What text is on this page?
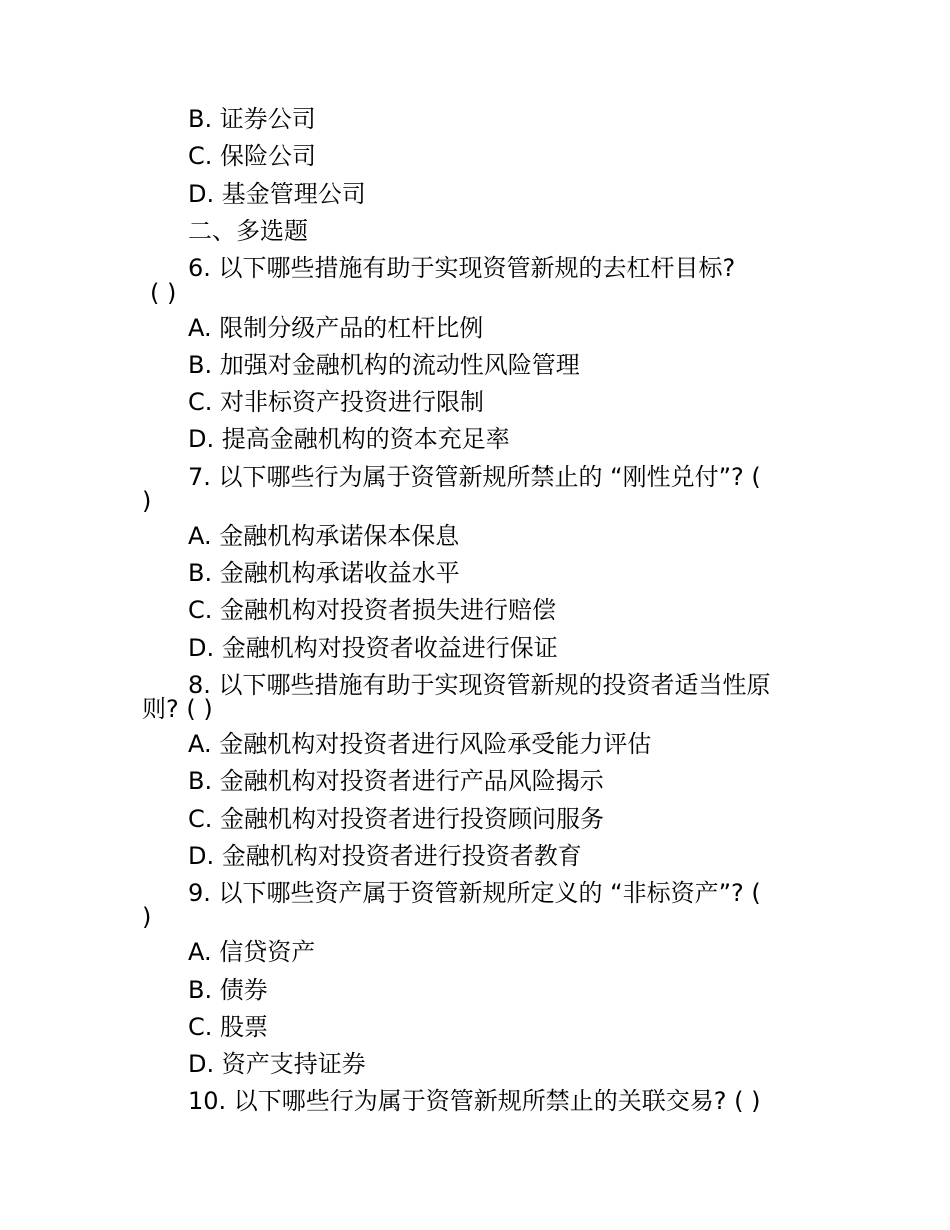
B. 证券公司
C. 保险公司
D. 基金管理公司
二、多选题
6. 以下哪些措施有助于实现资管新规的去杠杆目标?
( )
A. 限制分级产品的杠杆比例
B. 加强对金融机构的流动性风险管理
C. 对非标资产投资进行限制
D. 提高金融机构的资本充足率
7. 以下哪些行为属于资管新规所禁止的 “刚性兑付”? (
)
A. 金融机构承诺保本保息
B. 金融机构承诺收益水平
C. 金融机构对投资者损失进行赔偿
D. 金融机构对投资者收益进行保证
8. 以下哪些措施有助于实现资管新规的投资者适当性原
则? ( )
A. 金融机构对投资者进行风险承受能力评估
B. 金融机构对投资者进行产品风险揭示
C. 金融机构对投资者进行投资顾问服务
D. 金融机构对投资者进行投资者教育
9. 以下哪些资产属于资管新规所定义的 “非标资产”? (
)
A. 信贷资产
B. 债券
C. 股票
D. 资产支持证券
10. 以下哪些行为属于资管新规所禁止的关联交易? ( )
